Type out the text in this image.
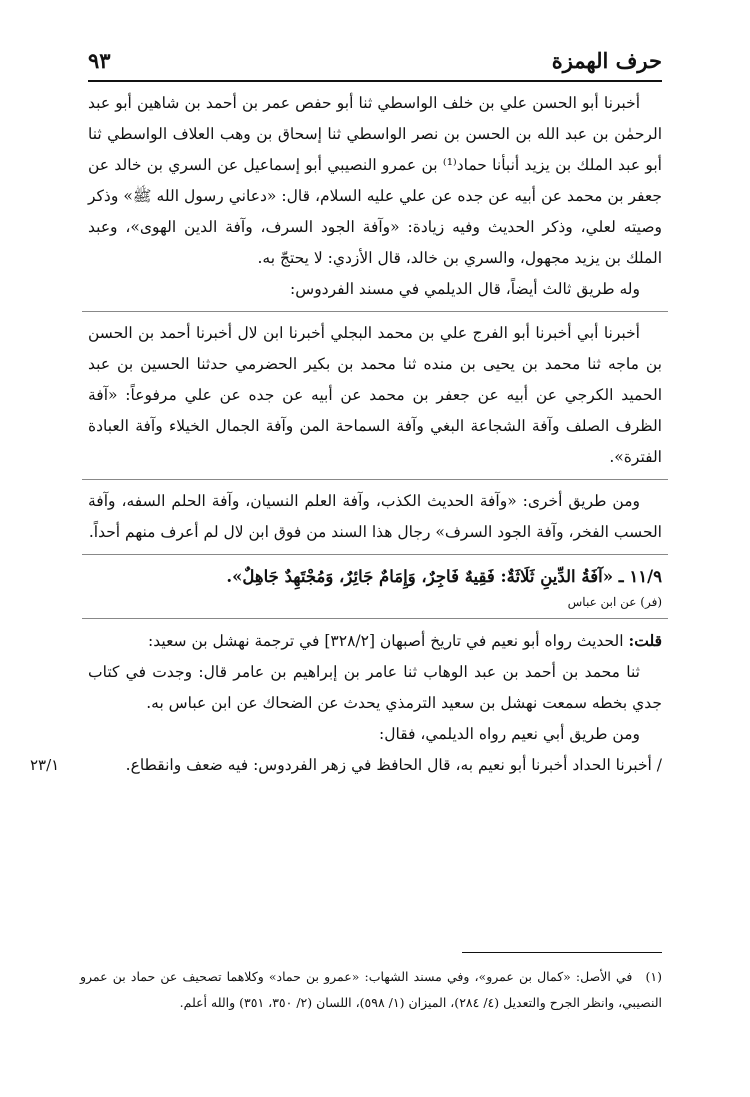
حرف الهمزة
٩٣

أخبرنا أبو الحسن علي بن خلف الواسطي ثنا أبو حفص عمر بن أحمد بن شاهين أبو عبد الرحمٰن بن عبد الله بن الحسن بن نصر الواسطي ثنا إسحاق بن وهب العلاف الواسطي ثنا أبو عبد الملك بن يزيد أنبأنا حماد⁽¹⁾ بن عمرو النصيبي أبو إسماعيل عن السري بن خالد عن جعفر بن محمد عن أبيه عن جده عن علي عليه السلام، قال: «دعاني رسول الله ﷺ» وذكر وصيته لعلي، وذكر الحديث وفيه زيادة: «وآفة الجود السرف، وآفة الدين الهوى»، وعبد الملك بن يزيد مجهول، والسري بن خالد، قال الأزدي: لا يحتجّ به.

وله طريق ثالث أيضاً، قال الديلمي في مسند الفردوس:

أخبرنا أبي أخبرنا أبو الفرج علي بن محمد البجلي أخبرنا ابن لال أخبرنا أحمد بن الحسن بن ماجه ثنا محمد بن يحيى بن منده ثنا محمد بن بكير الحضرمي حدثنا الحسين بن عبد الحميد الكرجي عن أبيه عن جعفر بن محمد عن أبيه عن جده عن علي مرفوعاً: «آفة الظرف الصلف وآفة الشجاعة البغي وآفة السماحة المن وآفة الجمال الخيلاء وآفة العبادة الفترة».

ومن طريق أخرى: «وآفة الحديث الكذب، وآفة العلم النسيان، وآفة الحلم السفه، وآفة الحسب الفخر، وآفة الجود السرف» رجال هذا السند من فوق ابن لال لم أعرف منهم أحداً.

١١/٩ ـ «آفَةُ الدِّينِ ثَلَاثَةٌ: فَقِيهٌ فَاجِرٌ، وَإِمَامٌ جَائِرٌ، وَمُجْتَهِدٌ جَاهِلٌ».

(فر) عن ابن عباس

قلت: الحديث رواه أبو نعيم في تاريخ أصبهان [٣٢٨/٢] في ترجمة نهشل بن سعيد:

ثنا محمد بن أحمد بن عبد الوهاب ثنا عامر بن إبراهيم بن عامر قال: وجدت في كتاب جدي بخطه سمعت نهشل بن سعيد الترمذي يحدث عن الضحاك عن ابن عباس به.

ومن طريق أبي نعيم رواه الديلمي، فقال:

٢٣/١	/ أخبرنا الحداد أخبرنا أبو نعيم به، قال الحافظ في زهر الفردوس: فيه ضعف وانقطاع.

(١) في الأصل: «كمال بن عمرو»، وفي مسند الشهاب: «عمرو بن حماد» وكلاهما تصحيف عن حماد بن عمرو النصيبي، وانظر الجرح والتعديل (٤/ ٢٨٤)، الميزان (١/ ٥٩٨)، اللسان (٢/ ٣٥٠، ٣٥١) والله أعلم.
